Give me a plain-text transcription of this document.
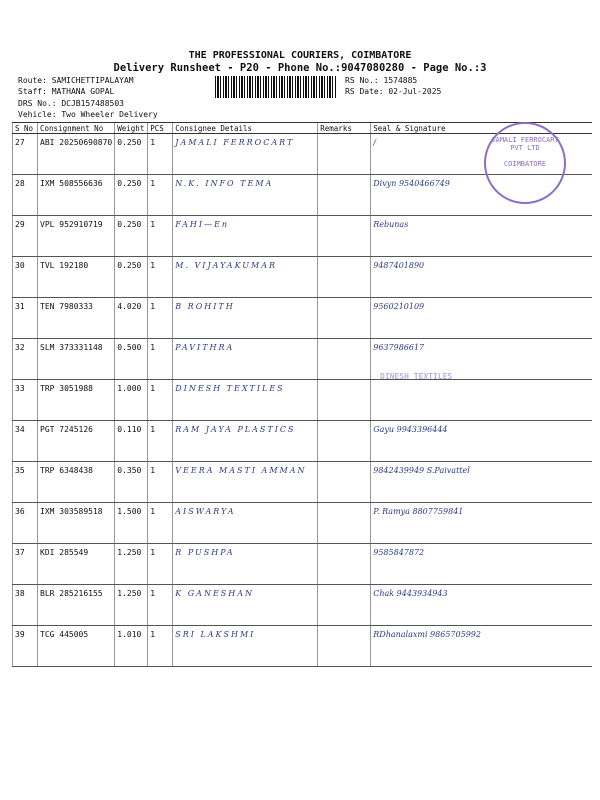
THE PROFESSIONAL COURIERS, COIMBATORE
Delivery Runsheet - P20 - Phone No.:9047080280 - Page No.:3
Route: SAMICHETTIPALAYAM
Staff: MATHANA GOPAL
DRS No.: DCJB157488503
Vehicle: Two Wheeler Delivery
RS No.: 1574885
RS Date: 02-Jul-2025
S No	Consignment No	Weight	PCS	Consignee Details	Remarks	Seal & Signature
27	ABI 20250690870	0.250	1	JAMALI FERROCART		/
28	IXM 508556636	0.250	1	N.K. INFO TEMA		Divyn 9540466749
29	VPL 952910719	0.250	1	FAHI—En		Rebunas
30	TVL 192180	0.250	1	M. VIJAYAKUMAR		9487401890
31	TEN 7980333	4.020	1	B ROHITH		9560210109
32	SLM 373331148	0.500	1	PAVITHRA		9637986617
33	TRP 3051988	1.000	1	DINESH TEXTILES		
34	PGT 7245126	0.110	1	RAM JAYA PLASTICS		Gayu 9943396444
35	TRP 6348438	0.350	1	VEERA MASTI AMMAN		9842439949 S.Paivattel
36	IXM 303589518	1.500	1	AISWARYA		P. Ramya 8807759841
37	KDI 285549	1.250	1	R PUSHPA		9585847872
38	BLR 285216155	1.250	1	K GANESHAN		Chak 9443934943
39	TCG 445005	1.010	1	SRI LAKSHMI		RDhanalaxmi 9865705992
JAMALI FERROCART PVT LTD
COIMBATORE
DINESH TEXTILES
